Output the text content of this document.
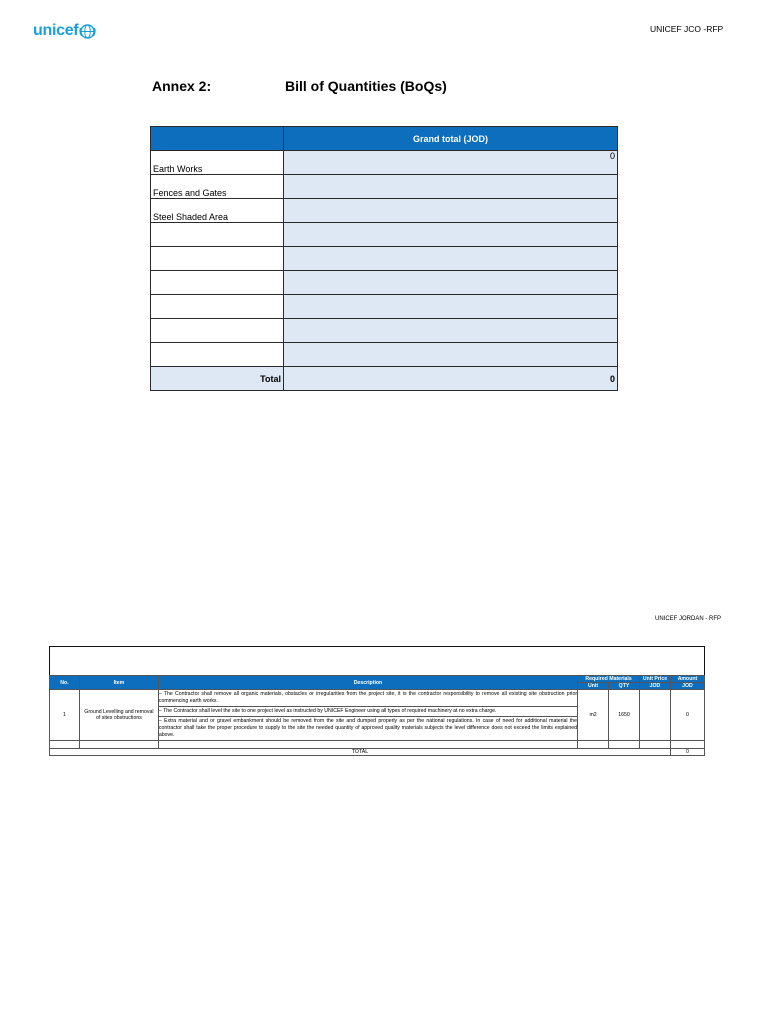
unicef	UNICEF JCO -RFP
Annex 2:	Bill of Quantities (BoQs)
	Grand total (JOD)
Earth Works	0
Fences and Gates	
Steel Shaded Area	

Total	0
UNICEF JORDAN - RFP
No.	Item	Description	Required Materials		Unit Price	Amount
			Unit	QTY	JOD	JOD
1	Ground Levelling and removal of sites obstructions	– The Contractor shall remove all organic materials, obstacles or irregularities from the project site, it is the contractor responsibility to remove all existing site obstruction prior commencing earth works.

– The Contractor shall level the site to one project level as instructed by UNICEF Engineer using all types of required machinery at no extra charge.

– Extra material and or gravel embankment should be removed from the site and dumped properly as per the national regulations. In case of need for additional material the contractor shall take the proper procedure to supply to the site the needed quantity of approved quality materials subjects the level difference does not exceed the limits explained above.	m2	1650		0

TOTAL						0
